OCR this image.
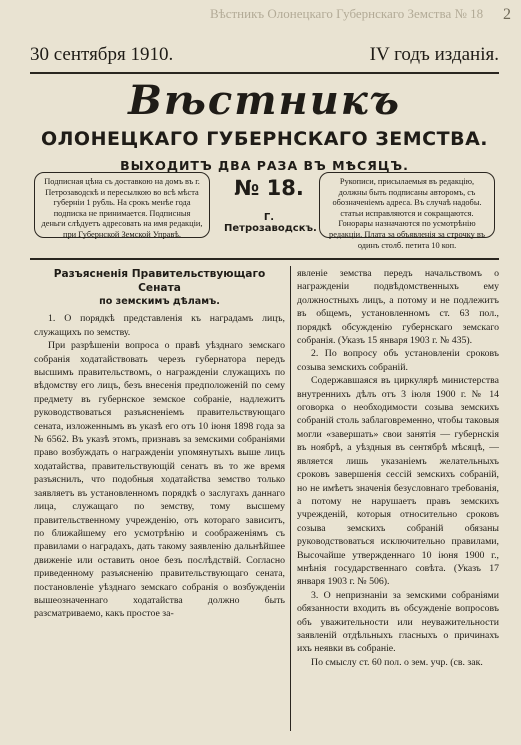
Вѣстникъ Олонецкаго Губернскаго Земства № 18 2
30 сентября 1910.	IV годъ изданія.
Вѣстникъ
ОЛОНЕЦКАГО ГУБЕРНСКАГО ЗЕМСТВА.
ВЫХОДИТЪ ДВА РАЗА ВЪ МѢСЯЦЪ.
Подписная цѣна съ доставкою на домъ въ г. Петрозаводскѣ и пересылкою во всѣ мѣста губерніи 1 рубль. На срокъ менѣе года подписка не принимается. Подписныя деньги слѣдуетъ адресовать на имя редакціи, при Губернской Земской Управѣ.
№ 18.
Г. Петрозаводскъ.
Рукописи, присылаемыя въ редакцію, должны быть подписаны авторомъ, съ обозначеніемъ адреса. Въ случаѣ надобы. статьи исправляются и сокращаются. Гонорары назначаются по усмотрѣнію редакціи. Плата за объявленія за строчку въ одинъ столб. петита 10 коп.

Разъясненія Правительствующаго Сената

по земскимъ дѣламъ.

1. О порядкѣ представленія къ наградамъ лицъ, служащихъ по земству.

При разрѣшеніи вопроса о правѣ уѣзднаго земскаго собранія ходатайствовать черезъ губернатора передъ высшимъ правительствомъ, о награжденіи служащихъ по вѣдомству его лицъ, безъ внесенія предположеній по сему предмету въ губернское земское собраніе, надлежитъ руководствоваться разъясненіемъ правительствующаго сената, изложеннымъ въ указѣ его отъ 10 іюня 1898 года за № 6562. Въ указѣ этомъ, признавъ за земскими собраніями право возбуждать о награжденіи упомянутыхъ выше лицъ ходатайства, правительствующій сенатъ въ то же время разъяснилъ, что подобныя ходатайства земство только заявляетъ въ установленномъ порядкѣ о заслугахъ даннаго лица, служащаго по земству, тому высшему правительственному учрежденію, отъ котораго зависитъ, по ближайшему его усмотрѣнію и соображеніямъ съ правилами о наградахъ, дать такому заявленію дальнѣйшее движеніе или оставить оное безъ послѣдствій. Согласно приведенному разъясненію правительствующаго сената, постановленіе уѣзднаго земскаго собранія о возбужденіи вышеозначеннаго ходатайства должно быть разсматриваемо, какъ простое за-

явленіе земства передъ начальствомъ о награжденіи подвѣдомственныхъ ему должностныхъ лицъ, а потому и не подлежитъ въ общемъ, установленномъ ст. 63 пол., порядкѣ обсужденію губернскаго земскаго собранія. (Указъ 15 января 1903 г. № 435).

2. По вопросу объ установленіи сроковъ созыва земскихъ собраній.

Содержавшаяся въ циркулярѣ министерства внутреннихъ дѣлъ отъ 3 іюля 1900 г. № 14 оговорка о необходимости созыва земскихъ собраній столь заблаговременно, чтобы таковыя могли «завершать» свои занятія — губернскія въ ноябрѣ, а уѣздныя въ сентябрѣ мѣсяцѣ, — является лишь указаніемъ желательныхъ сроковъ завершенія сессій земскихъ собраній, но не имѣетъ значенія безусловнаго требованія, а потому не нарушаетъ правъ земскихъ учрежденій, которыя относительно сроковъ созыва земскихъ собраній обязаны руководствоваться исключительно правилами, Высочайше утвержденнаго 10 іюня 1900 г., мнѣнія государственнаго совѣта. (Указъ 17 января 1903 г. № 506).

3. О непризнаніи за земскими собраніями обязанности входить въ обсужденіе вопросовъ объ уважительности или неуважительности заявленій отдѣльныхъ гласныхъ о причинахъ ихъ неявки въ собраніе.

По смыслу ст. 60 пол. о зем. учр. (св. зак.
